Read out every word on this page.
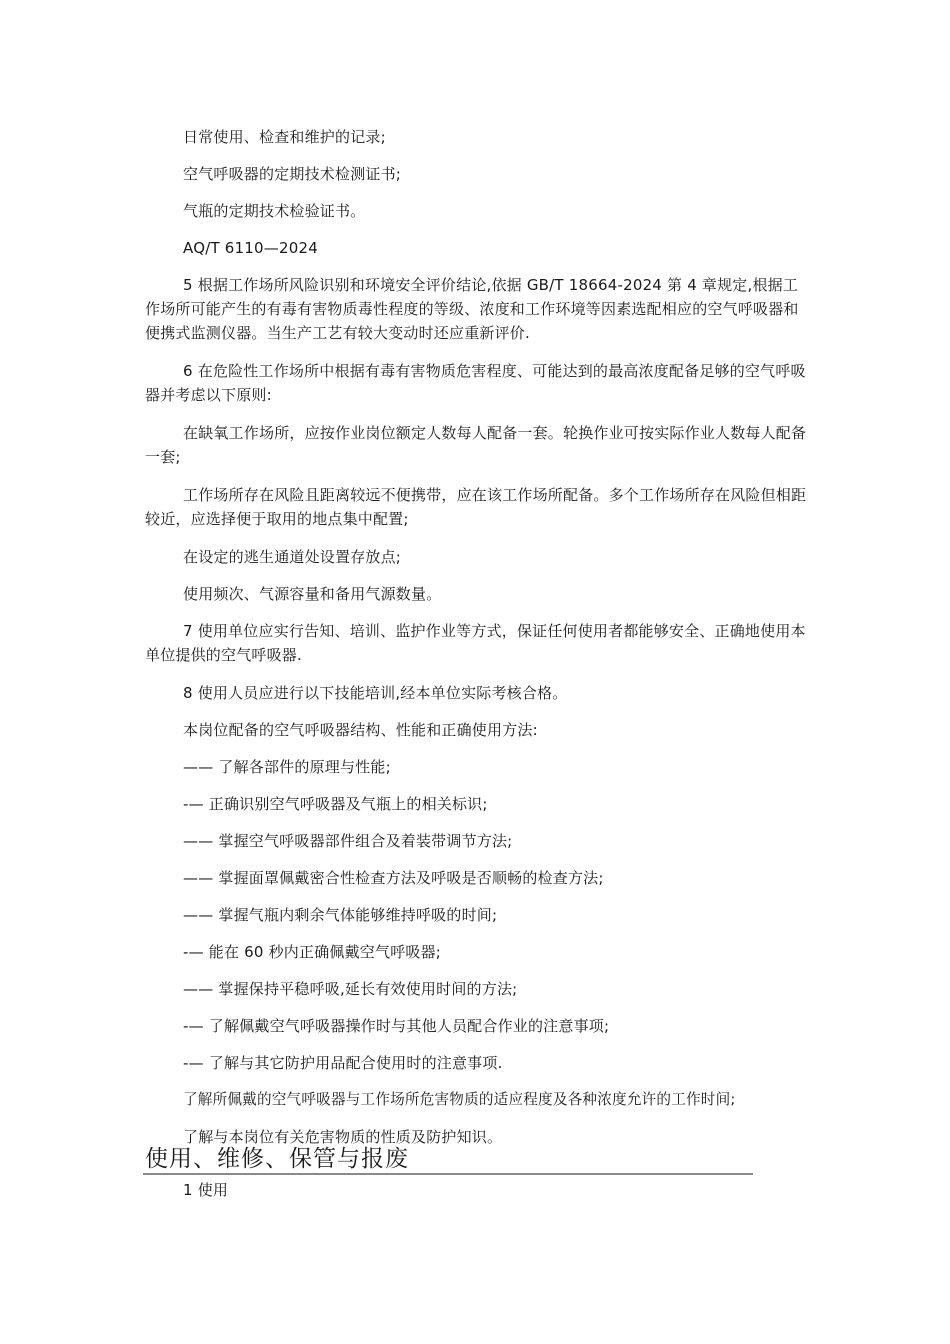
日常使用、检查和维护的记录;

空气呼吸器的定期技术检测证书;

气瓶的定期技术检验证书。

AQ/T 6110—2024

5 根据工作场所风险识别和环境安全评价结论,依据 GB/T 18664-2024 第 4 章规定,根据工作场所可能产生的有毒有害物质毒性程度的等级、浓度和工作环境等因素选配相应的空气呼吸器和便携式监测仪器。当生产工艺有较大变动时还应重新评价.

6 在危险性工作场所中根据有毒有害物质危害程度、可能达到的最高浓度配备足够的空气呼吸器并考虑以下原则:

在缺氧工作场所，应按作业岗位额定人数每人配备一套。轮换作业可按实际作业人数每人配备一套;

工作场所存在风险且距离较远不便携带，应在该工作场所配备。多个工作场所存在风险但相距较近，应选择便于取用的地点集中配置;

在设定的逃生通道处设置存放点;

使用频次、气源容量和备用气源数量。

7 使用单位应实行告知、培训、监护作业等方式，保证任何使用者都能够安全、正确地使用本单位提供的空气呼吸器.

8 使用人员应进行以下技能培训,经本单位实际考核合格。

本岗位配备的空气呼吸器结构、性能和正确使用方法:

—— 了解各部件的原理与性能;

-— 正确识别空气呼吸器及气瓶上的相关标识;

—— 掌握空气呼吸器部件组合及着装带调节方法;

—— 掌握面罩佩戴密合性检查方法及呼吸是否顺畅的检查方法;

—— 掌握气瓶内剩余气体能够维持呼吸的时间;

-— 能在 60 秒内正确佩戴空气呼吸器;

—— 掌握保持平稳呼吸,延长有效使用时间的方法;

-— 了解佩戴空气呼吸器操作时与其他人员配合作业的注意事项;

-— 了解与其它防护用品配合使用时的注意事项.

了解所佩戴的空气呼吸器与工作场所危害物质的适应程度及各种浓度允许的工作时间;

了解与本岗位有关危害物质的性质及防护知识。

使用、维修、保管与报废

1 使用
